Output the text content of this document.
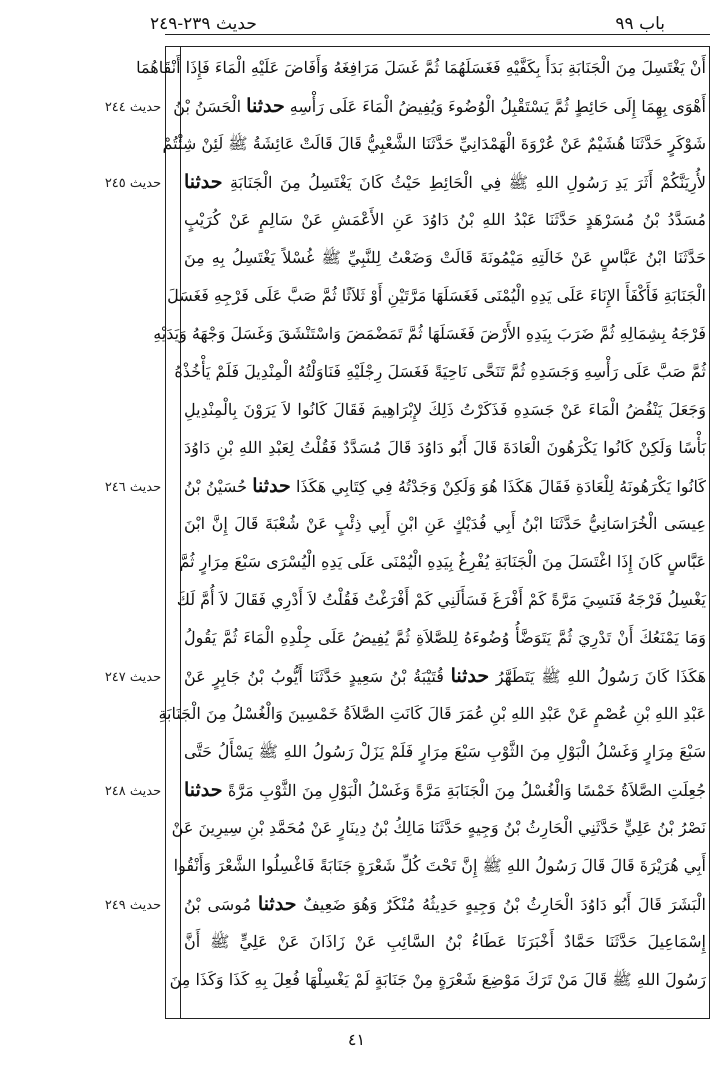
باب ٩٩
حديث ٢٣٩-٢٤٩
أَنْ يَغْتَسِلَ مِنَ الْجَنَابَةِ بَدَأَ بِكَفَّيْهِ فَغَسَلَهُمَا ثُمَّ غَسَلَ مَرَافِغَهُ وَأَفَاضَ عَلَيْهِ الْمَاءَ فَإِذَا أَنْقَاهُمَا
أَهْوَى بِهِمَا إِلَى حَائِطٍ ثُمَّ يَسْتَقْبِلُ الْوُضُوءَ وَيُفِيضُ الْمَاءَ عَلَى رَأْسِهِ حدثنا الْحَسَنُ بْنُ
شَوْكَرٍ حَدَّثَنَا هُشَيْمٌ عَنْ عُرْوَةَ الْهَمْدَانِيِّ حَدَّثَنَا الشَّعْبِيُّ قَالَ قَالَتْ عَائِشَةُ ﷺ لَئِنْ شِئْتُمْ
لأُرِيَنَّكُمْ أَثَرَ يَدِ رَسُولِ اللهِ ﷺ فِي الْحَائِطِ حَيْثُ كَانَ يَغْتَسِلُ مِنَ الْجَنَابَةِ حدثنا
مُسَدَّدُ بْنُ مُسَرْهَدٍ حَدَّثَنَا عَبْدُ اللهِ بْنُ دَاوُدَ عَنِ الأَعْمَشِ عَنْ سَالِمٍ عَنْ كُرَيْبٍ
حَدَّثَنَا ابْنُ عَبَّاسٍ عَنْ خَالَتِهِ مَيْمُونَةَ قَالَتْ وَضَعْتُ لِلنَّبِيِّ ﷺ غُسْلاً يَغْتَسِلُ بِهِ مِنَ
الْجَنَابَةِ فَأَكْفَأَ الإِنَاءَ عَلَى يَدِهِ الْيُمْنَى فَغَسَلَهَا مَرَّتَيْنِ أَوْ ثَلاَثًا ثُمَّ صَبَّ عَلَى فَرْجِهِ فَغَسَلَ
فَرْجَهُ بِشِمَالِهِ ثُمَّ ضَرَبَ بِيَدِهِ الأَرْضَ فَغَسَلَهَا ثُمَّ تَمَضْمَضَ وَاسْتَنْشَقَ وَغَسَلَ وَجْهَهُ وَيَدَيْهِ
ثُمَّ صَبَّ عَلَى رَأْسِهِ وَجَسَدِهِ ثُمَّ تَنَحَّى نَاحِيَةً فَغَسَلَ رِجْلَيْهِ فَنَاوَلْتُهُ الْمِنْدِيلَ فَلَمْ يَأْخُذْهُ
وَجَعَلَ يَنْفُضُ الْمَاءَ عَنْ جَسَدِهِ فَذَكَرْتُ ذَلِكَ لإِبْرَاهِيمَ فَقَالَ كَانُوا لاَ يَرَوْنَ بِالْمِنْدِيلِ
بَأْسًا وَلَكِنْ كَانُوا يَكْرَهُونَ الْعَادَةَ قَالَ أَبُو دَاوُدَ قَالَ مُسَدَّدٌ فَقُلْتُ لِعَبْدِ اللهِ بْنِ دَاوُدَ
كَانُوا يَكْرَهُونَهُ لِلْعَادَةِ فَقَالَ هَكَذَا هُوَ وَلَكِنْ وَجَدْتُهُ فِي كِتَابِي هَكَذَا حدثنا حُسَيْنُ بْنُ
عِيسَى الْخُرَاسَانِيُّ حَدَّثَنَا ابْنُ أَبِي فُدَيْكٍ عَنِ ابْنِ أَبِي ذِئْبٍ عَنْ شُعْبَةَ قَالَ إِنَّ ابْنَ
عَبَّاسٍ كَانَ إِذَا اغْتَسَلَ مِنَ الْجَنَابَةِ يُفْرِغُ بِيَدِهِ الْيُمْنَى عَلَى يَدِهِ الْيُسْرَى سَبْعَ مِرَارٍ ثُمَّ
يَغْسِلُ فَرْجَهُ فَنَسِيَ مَرَّةً كَمْ أَفْرَغَ فَسَأَلَنِي كَمْ أَفْرَغْتُ فَقُلْتُ لاَ أَدْرِي فَقَالَ لاَ أُمَّ لَكَ
وَمَا يَمْنَعُكَ أَنْ تَدْرِيَ ثُمَّ يَتَوَضَّأُ وُضُوءَهُ لِلصَّلاَةِ ثُمَّ يُفِيضُ عَلَى جِلْدِهِ الْمَاءَ ثُمَّ يَقُولُ
هَكَذَا كَانَ رَسُولُ اللهِ ﷺ يَتَطَهَّرُ حدثنا قُتَيْبَةُ بْنُ سَعِيدٍ حَدَّثَنَا أَيُّوبُ بْنُ جَابِرٍ عَنْ
عَبْدِ اللهِ بْنِ عُصْمٍ عَنْ عَبْدِ اللهِ بْنِ عُمَرَ قَالَ كَانَتِ الصَّلاَةُ خَمْسِينَ وَالْغُسْلُ مِنَ الْجَنَابَةِ
سَبْعَ مِرَارٍ وَغَسْلُ الْبَوْلِ مِنَ الثَّوْبِ سَبْعَ مِرَارٍ فَلَمْ يَزَلْ رَسُولُ اللهِ ﷺ يَسْأَلُ حَتَّى
جُعِلَتِ الصَّلاَةُ خَمْسًا وَالْغُسْلُ مِنَ الْجَنَابَةِ مَرَّةً وَغَسْلُ الْبَوْلِ مِنَ الثَّوْبِ مَرَّةً حدثنا
نَصْرُ بْنُ عَلِيٍّ حَدَّثَنِي الْحَارِثُ بْنُ وَجِيهٍ حَدَّثَنَا مَالِكُ بْنُ دِينَارٍ عَنْ مُحَمَّدِ بْنِ سِيرِينَ عَنْ
أَبِي هُرَيْرَةَ قَالَ قَالَ رَسُولُ اللهِ ﷺ إِنَّ تَحْتَ كُلِّ شَعْرَةٍ جَنَابَةً فَاغْسِلُوا الشَّعْرَ وَأَنْقُوا
الْبَشَرَ قَالَ أَبُو دَاوُدَ الْحَارِثُ بْنُ وَجِيهٍ حَدِيثُهُ مُنْكَرٌ وَهُوَ ضَعِيفٌ حدثنا مُوسَى بْنُ
إِسْمَاعِيلَ حَدَّثَنَا حَمَّادٌ أَخْبَرَنَا عَطَاءُ بْنُ السَّائِبِ عَنْ زَاذَانَ عَنْ عَلِيٍّ ﷺ أَنَّ
رَسُولَ اللهِ ﷺ قَالَ مَنْ تَرَكَ مَوْضِعَ شَعْرَةٍ مِنْ جَنَابَةٍ لَمْ يَغْسِلْهَا فُعِلَ بِهِ كَذَا وَكَذَا مِنَ
حديث ٢٤٤
حديث ٢٤٥
حديث ٢٤٦
حديث ٢٤٧
حديث ٢٤٨
حديث ٢٤٩
٤١
